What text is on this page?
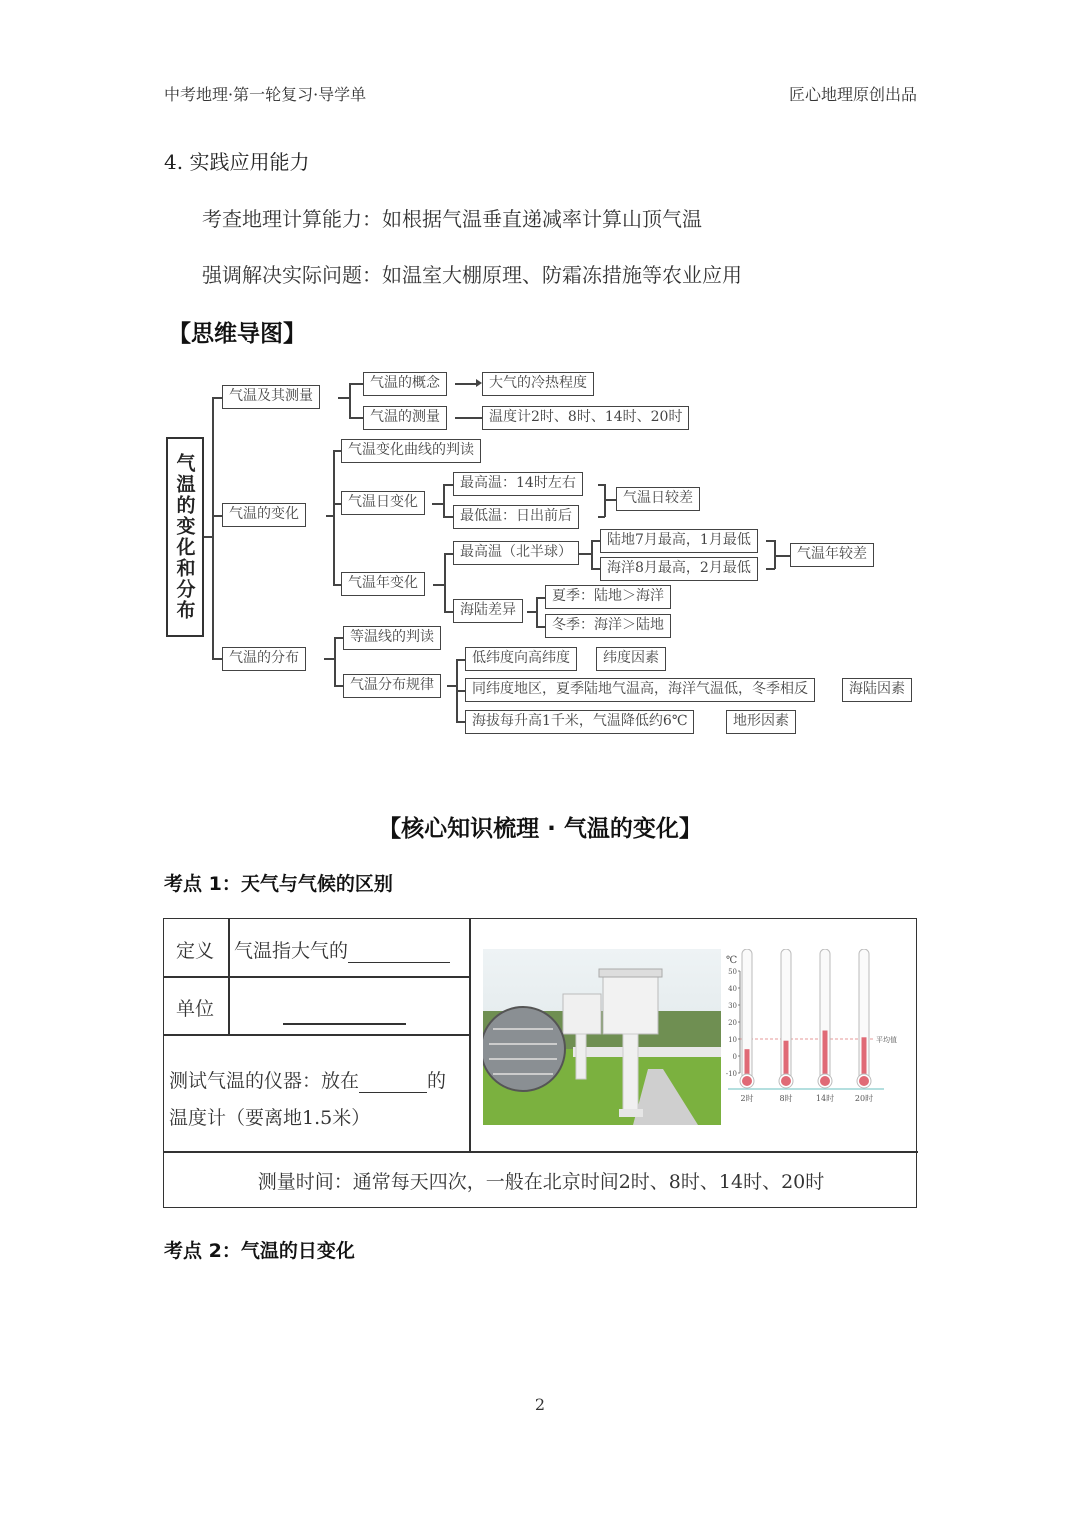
中考地理·第一轮复习·导学单	匠心地理原创出品
4. 实践应用能力
考查地理计算能力：如根据气温垂直递减率计算山顶气温
强调解决实际问题：如温室大棚原理、防霜冻措施等农业应用
【思维导图】
气温的变化和分布
气温及其测量
气温的变化
气温的分布
气温的概念
气温的测量
大气的冷热程度
温度计2时、8时、14时、20时
气温变化曲线的判读
气温日变化
气温年变化
最高温：14时左右
最低温：日出前后
气温日较差
最高温（北半球）
海陆差异
陆地7月最高，1月最低
海洋8月最高，2月最低
气温年较差
夏季：陆地＞海洋
冬季：海洋＞陆地
等温线的判读
气温分布规律
低纬度向高纬度	纬度因素
同纬度地区，夏季陆地气温高，海洋气温低，冬季相反	海陆因素
海拔每升高1千米，气温降低约6℃	地形因素
【核心知识梳理 · 气温的变化】
考点 1：天气与气候的区别
定义 气温指大气的
单位
测试气温的仪器：放在	的
温度计（要离地1.5米）
测量时间：通常每天四次，一般在北京时间2时、8时、14时、20时
℃
50
40
30
20
10
0
-10
平均值
2时	8时	14时	20时
考点 2：气温的日变化
2
